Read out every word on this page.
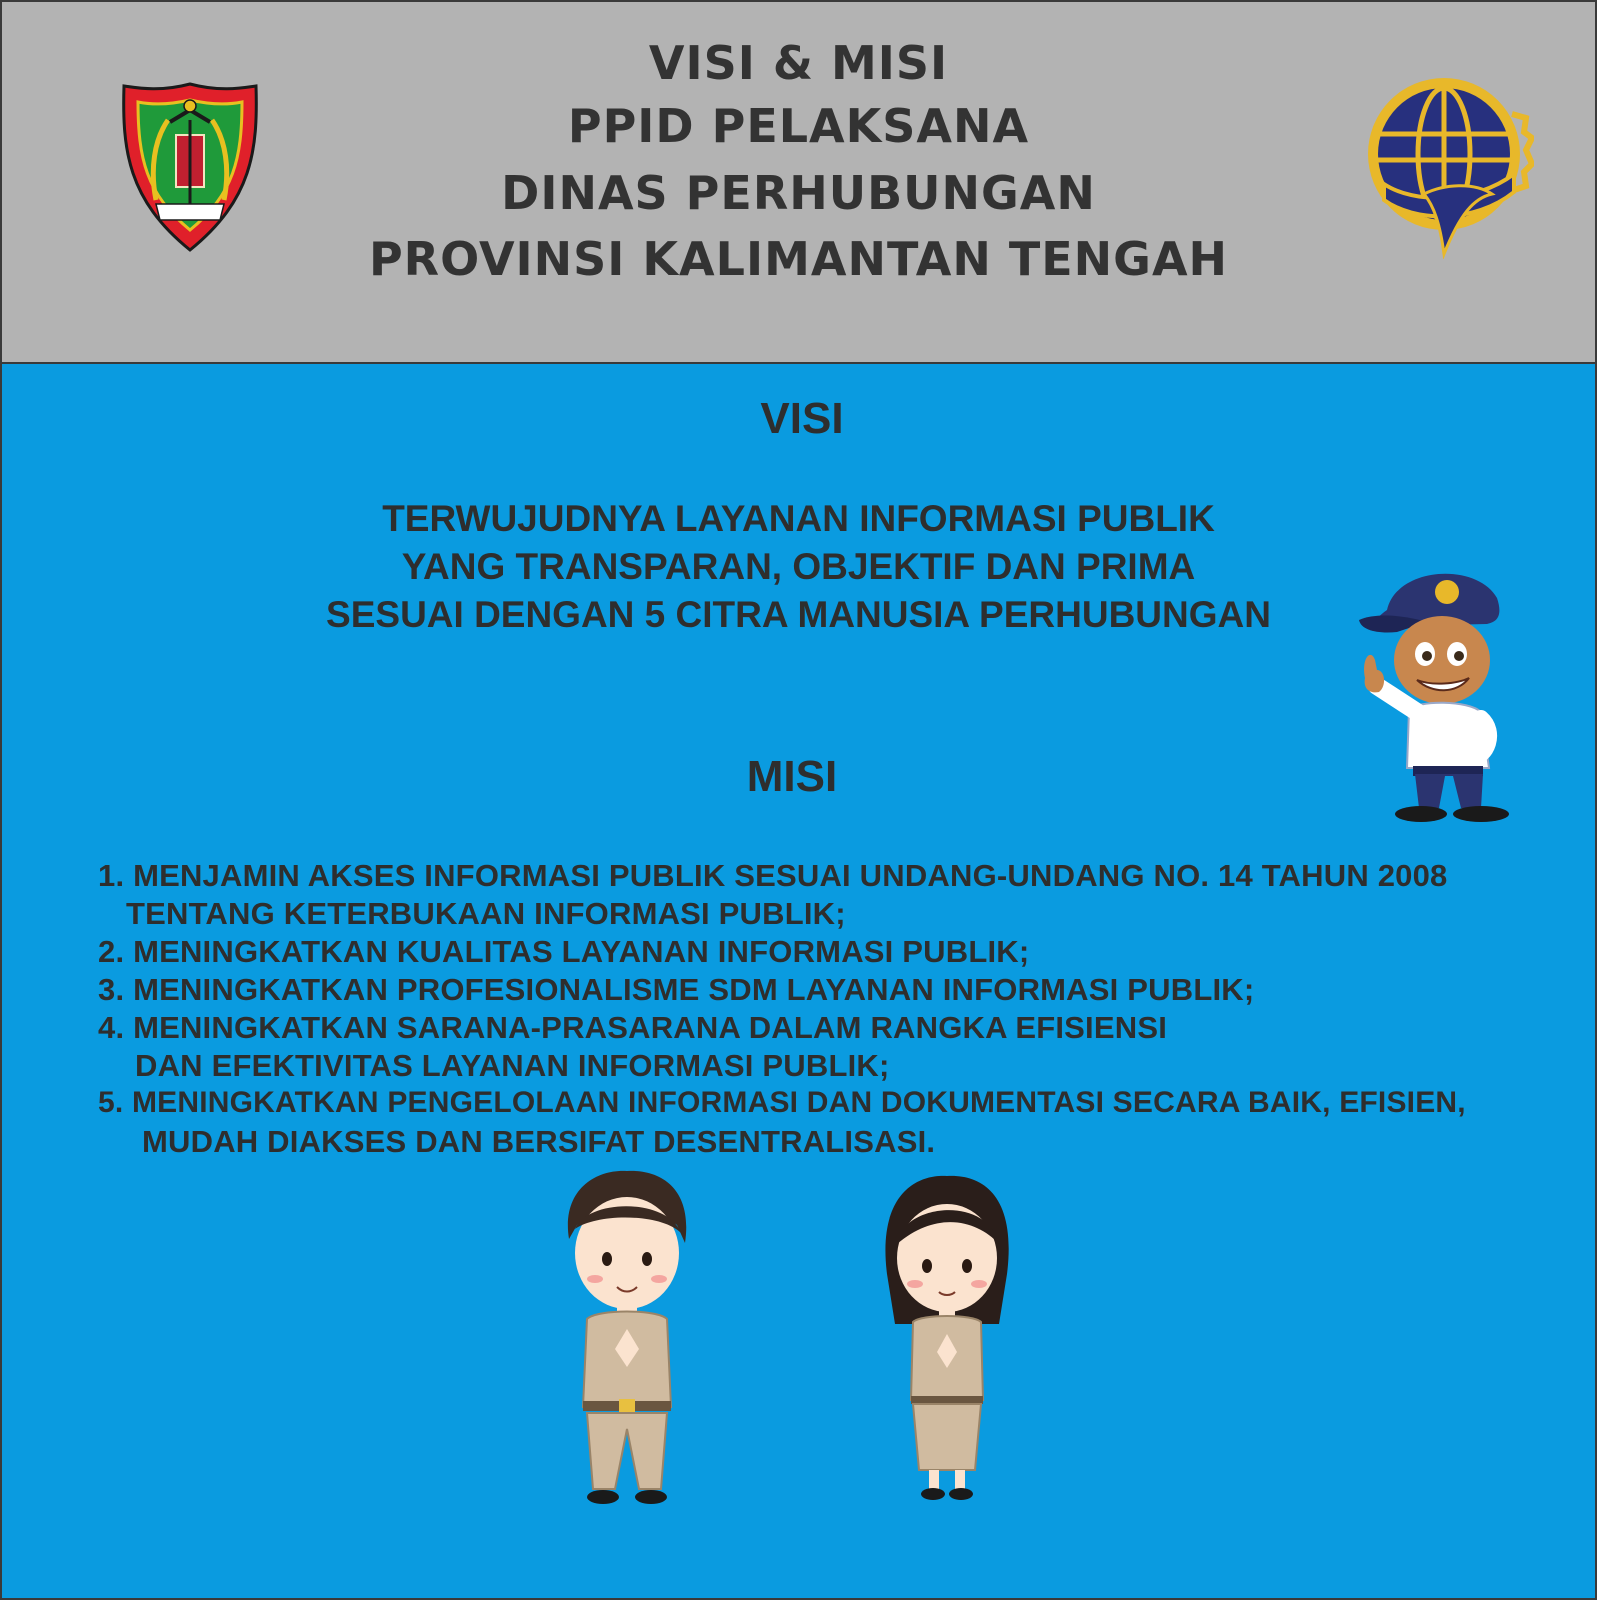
VISI & MISI
PPID PELAKSANA
DINAS PERHUBUNGAN
PROVINSI KALIMANTAN TENGAH
VISI
TERWUJUDNYA LAYANAN INFORMASI PUBLIK
YANG TRANSPARAN, OBJEKTIF DAN PRIMA
SESUAI DENGAN 5 CITRA MANUSIA PERHUBUNGAN
MISI
1. MENJAMIN AKSES INFORMASI PUBLIK SESUAI UNDANG-UNDANG NO. 14 TAHUN 2008
TENTANG KETERBUKAAN INFORMASI PUBLIK;
2. MENINGKATKAN KUALITAS LAYANAN INFORMASI PUBLIK;
3. MENINGKATKAN PROFESIONALISME SDM LAYANAN INFORMASI PUBLIK;
4. MENINGKATKAN SARANA-PRASARANA DALAM RANGKA EFISIENSI
DAN EFEKTIVITAS LAYANAN INFORMASI PUBLIK;
5. MENINGKATKAN PENGELOLAAN INFORMASI DAN DOKUMENTASI SECARA BAIK, EFISIEN,
MUDAH DIAKSES DAN BERSIFAT DESENTRALISASI.
